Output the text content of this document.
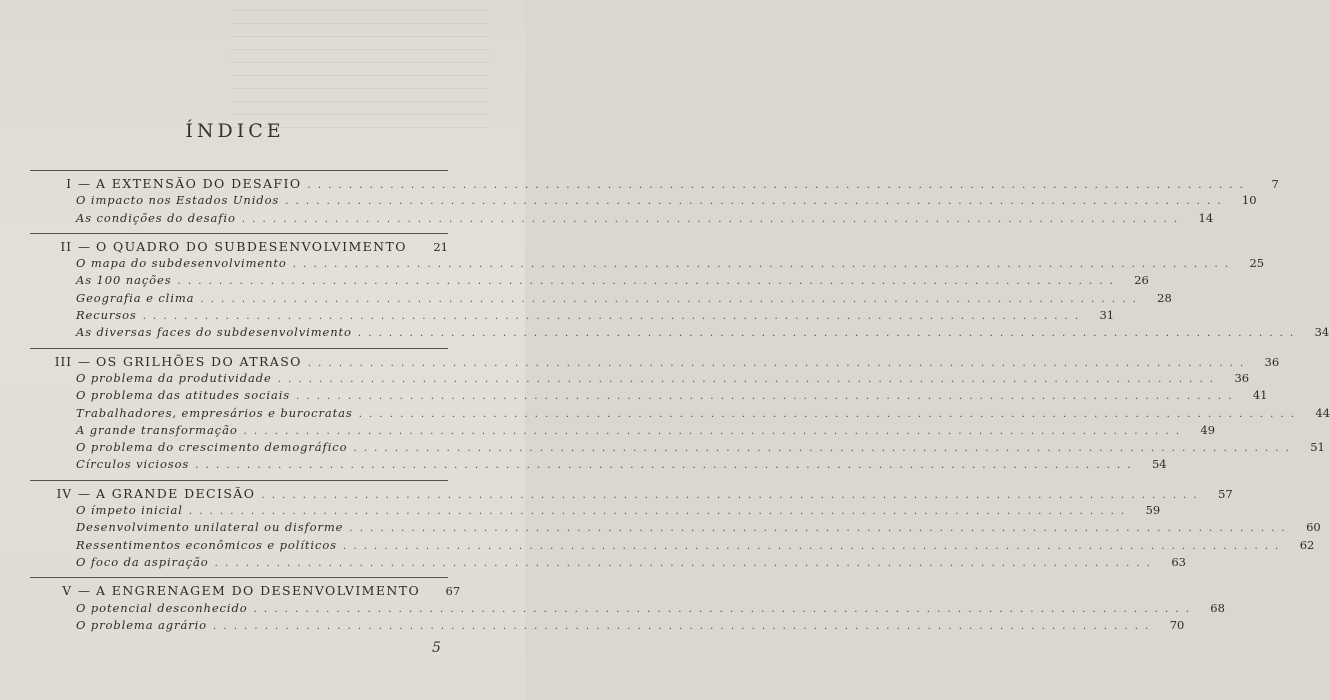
ÍNDICE
I — A EXTENSÃO DO DESAFIO . . .	7
O impacto nos Estados Unidos . . .	10
As condições do desafio . . .	14
II — O QUADRO DO SUBDESENVOLVIMENTO . . .	21
O mapa do subdesenvolvimento . . .	25
As 100 nações . . .	26
Geografia e clima . . .	28
Recursos . . .	31
As diversas faces do subdesenvolvimento . . .	34
III — OS GRILHÕES DO ATRASO . . .	36
O problema da produtividade . . .	36
O problema das atitudes sociais . . .	41
Trabalhadores, empresários e burocratas . . .	44
A grande transformação . . .	49
O problema do crescimento demográfico . . .	51
Círculos viciosos . . .	54
IV — A GRANDE DECISÃO . . .	57
O ímpeto inicial . . .	59
Desenvolvimento unilateral ou disforme . . .	60
Ressentimentos econômicos e políticos . . .	62
O foco da aspiração . . .	63
V — A ENGRENAGEM DO DESENVOLVIMENTO	67
O potencial desconhecido . . .	68
O problema agrário . . .	70
5
